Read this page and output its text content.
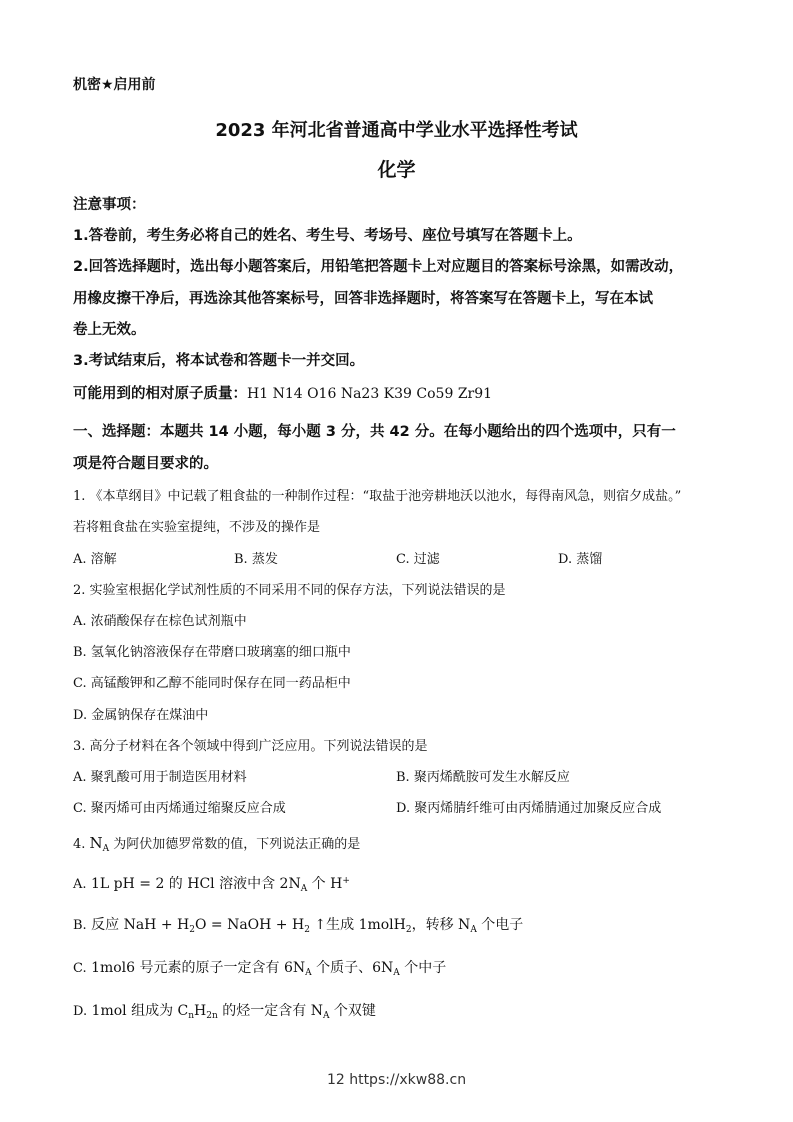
机密★启用前
2023 年河北省普通高中学业水平选择性考试
化学
注意事项：
1.答卷前，考生务必将自己的姓名、考生号、考场号、座位号填写在答题卡上。
2.回答选择题时，选出每小题答案后，用铅笔把答题卡上对应题目的答案标号涂黑，如需改动，
用橡皮擦干净后，再选涂其他答案标号，回答非选择题时，将答案写在答题卡上，写在本试
卷上无效。
3.考试结束后，将本试卷和答题卡一并交回。
可能用到的相对原子质量：H1 N14 O16 Na23 K39 Co59 Zr91
一、选择题：本题共 14 小题，每小题 3 分，共 42 分。在每小题给出的四个选项中，只有一
项是符合题目要求的。
1. 《本草纲目》中记载了粗食盐的一种制作过程：“取盐于池旁耕地沃以池水，每得南风急，则宿夕成盐。”
若将粗食盐在实验室提纯，不涉及的操作是
A. 溶解	B. 蒸发	C. 过滤	D. 蒸馏
2. 实验室根据化学试剂性质的不同采用不同的保存方法，下列说法错误的是
A. 浓硝酸保存在棕色试剂瓶中
B. 氢氧化钠溶液保存在带磨口玻璃塞的细口瓶中
C. 高锰酸钾和乙醇不能同时保存在同一药品柜中
D. 金属钠保存在煤油中
3. 高分子材料在各个领域中得到广泛应用。下列说法错误的是
A. 聚乳酸可用于制造医用材料	B. 聚丙烯酰胺可发生水解反应
C. 聚丙烯可由丙烯通过缩聚反应合成	D. 聚丙烯腈纤维可由丙烯腈通过加聚反应合成
4. $N_A$ 为阿伏加德罗常数的值，下列说法正确的是
A. 1L pH = 2 的 HCl 溶液中含 $2N_A$ 个 H+
B. 反应 NaH + $H_2O$ = NaOH + $H_2$ ↑生成 1molH$_2$，转移 $N_A$ 个电子
C. 1mol6 号元素的原子一定含有 $6N_A$ 个质子、$6N_A$ 个中子
D. 1mol 组成为 $C_nH_{2n}$ 的烃一定含有 $N_A$ 个双键
12 https://xkw88.cn
